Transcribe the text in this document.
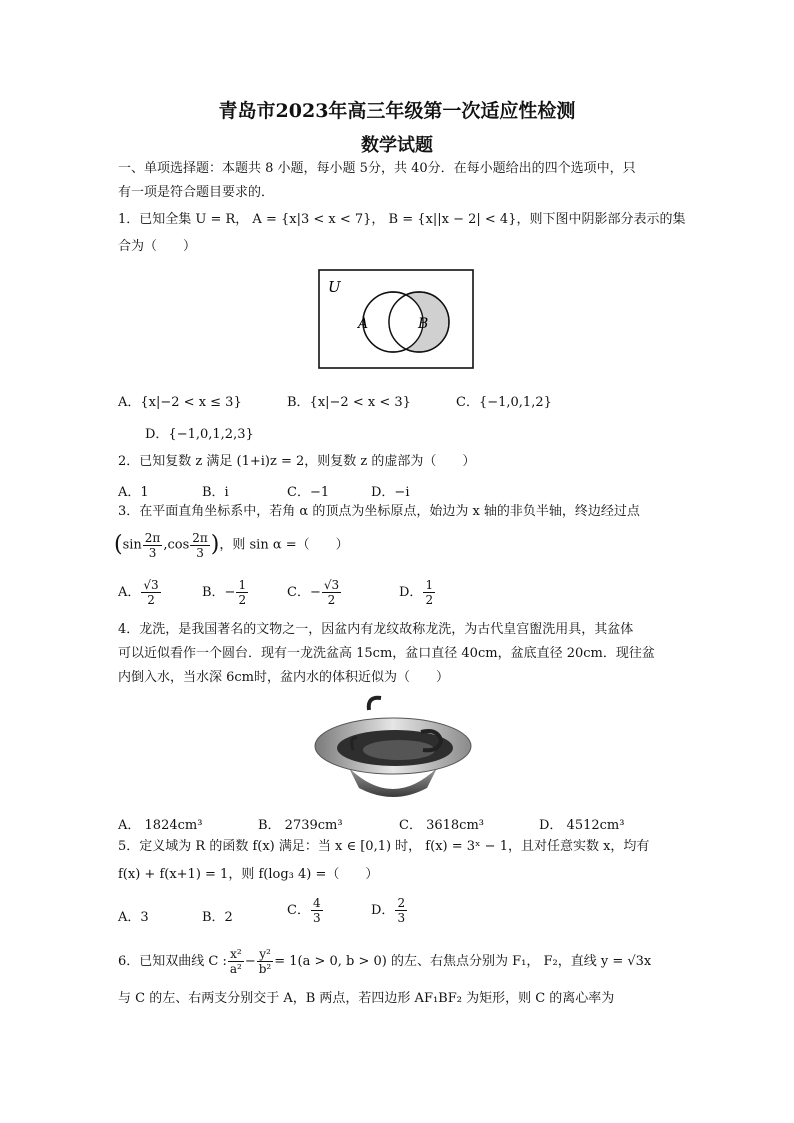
青岛市2023年高三年级第一次适应性检测
数学试题
一、单项选择题：本题共 8 小题，每小题 5分，共 40分．在每小题给出的四个选项中，只
有一项是符合题目要求的．
1．已知全集 U = R， A = {x|3 < x < 7}， B = {x||x − 2| < 4}，则下图中阴影部分表示的集
合为（　　）
U
A	B
A．{x|−2 < x ≤ 3}	B．{x|−2 < x < 3}	C．{−1,0,1,2}
D．{−1,0,1,2,3}
2．已知复数 z 满足 (1+i)z = 2，则复数 z 的虚部为（　　）
A．1	B．i	C．−1	D．−i
3．在平面直角坐标系中，若角 α 的顶点为坐标原点，始边为 x 轴的非负半轴，终边经过点
($\sin \frac{2\pi}{3} ,\cos \frac{2\pi}{3}$ )，则 sin α =（　　）
A． $\frac{√3}{2}$	B．− $\frac{1}{2}$	C．− $\frac{√3}{2}$	D． $\frac{1}{2}$
4．龙洗，是我国著名的文物之一，因盆内有龙纹故称龙洗，为古代皇宫盥洗用具，其盆体
可以近似看作一个圆台．现有一龙洗盆高 15cm，盆口直径 40cm，盆底直径 20cm．现往盆
内倒入水，当水深 6cm时，盆内水的体积近似为（　　）
A． 1824cm³	B． 2739cm³	C． 3618cm³	D． 4512cm³
5．定义域为 R 的函数 f(x) 满足：当 x ∈ [0,1) 时， f(x) = 3ˣ − 1，且对任意实数 x，均有
f(x) + f(x+1) = 1，则 f(log₃ 4) =（　　）
A．3	B．2	C． $\frac{4}{3}$	D． $\frac{2}{3}$
6．已知双曲线 C : $\frac{\text{x²}}{\text{a²}} - \frac{\text{y²}}{\text{b²}} = 1(a > 0$, b > 0) 的左、右焦点分别为 F₁， F₂，直线 y = √3x
与 C 的左、右两支分别交于 A，B 两点，若四边形 AF₁BF₂ 为矩形，则 C 的离心率为
